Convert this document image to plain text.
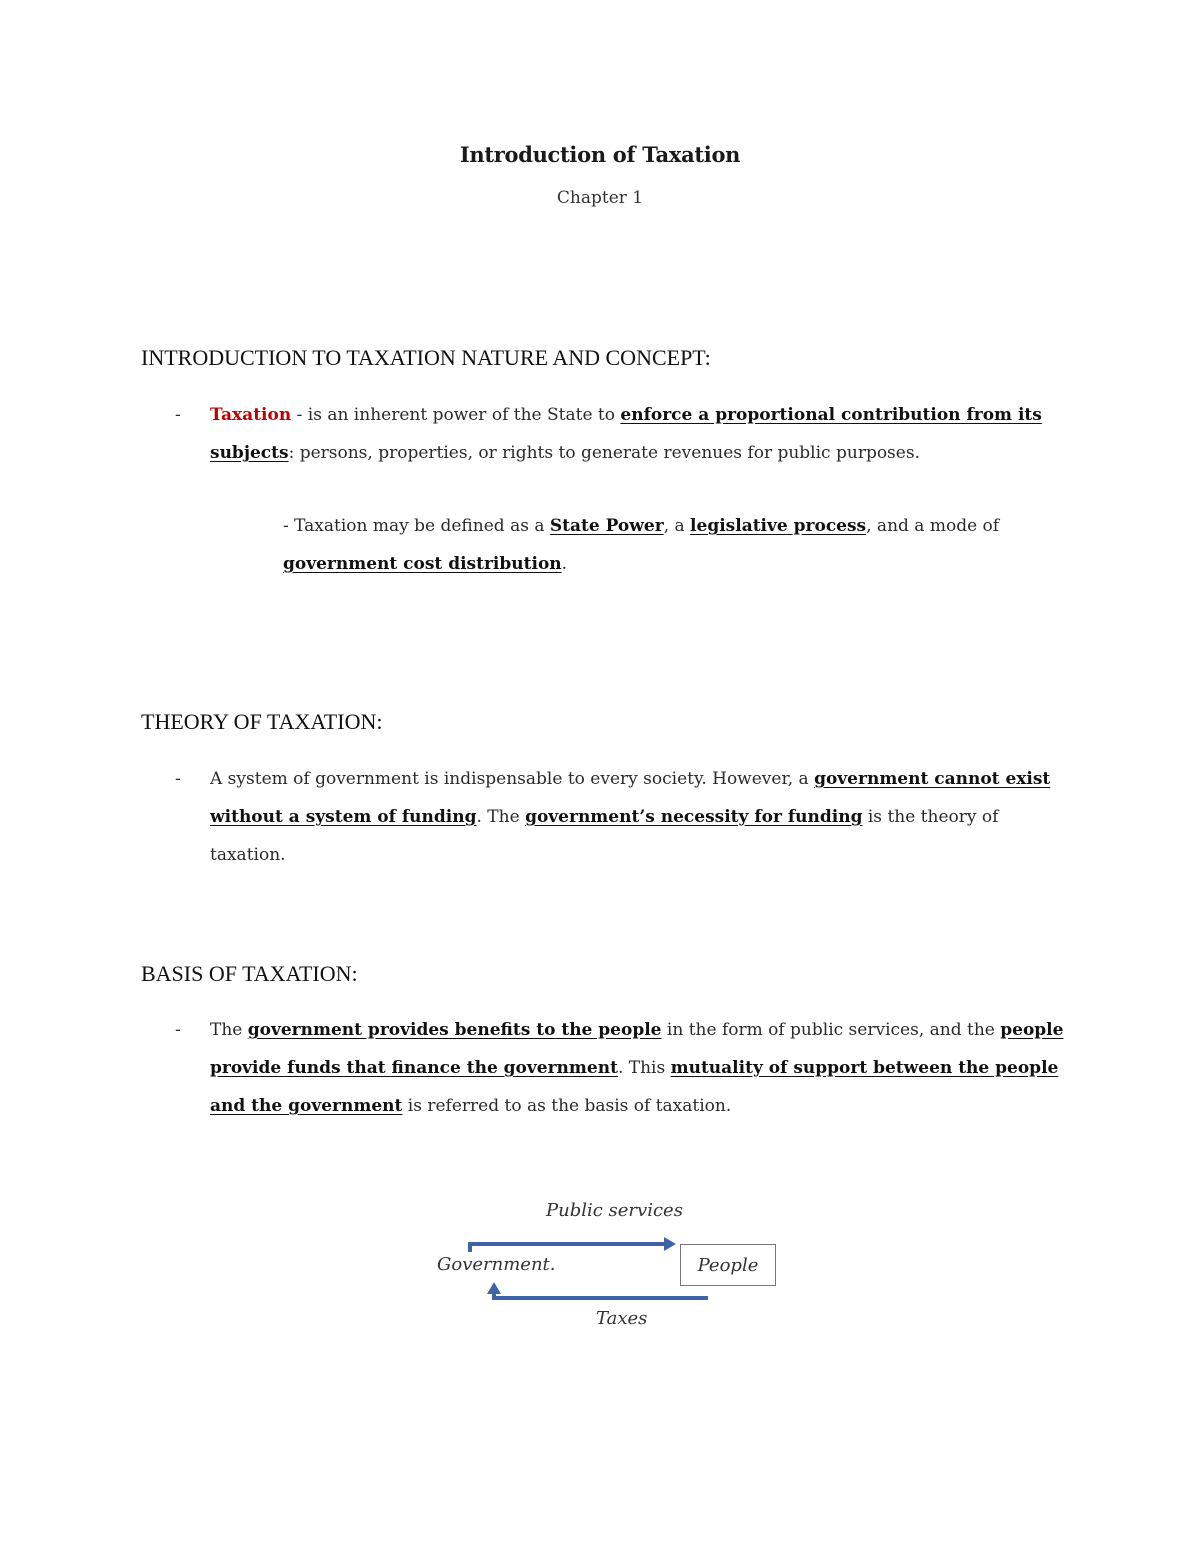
Introduction of Taxation
Chapter 1
INTRODUCTION TO TAXATION NATURE AND CONCEPT:
- Taxation - is an inherent power of the State to enforce a proportional contribution from its subjects: persons, properties, or rights to generate revenues for public purposes.
- Taxation may be defined as a State Power, a legislative process, and a mode of government cost distribution.
THEORY OF TAXATION:
- A system of government is indispensable to every society. However, a government cannot exist without a system of funding. The government’s necessity for funding is the theory of taxation.
BASIS OF TAXATION:
- The government provides benefits to the people in the form of public services, and the people provide funds that finance the government. This mutuality of support between the people and the government is referred to as the basis of taxation.
Public services
Government.	People
Taxes
